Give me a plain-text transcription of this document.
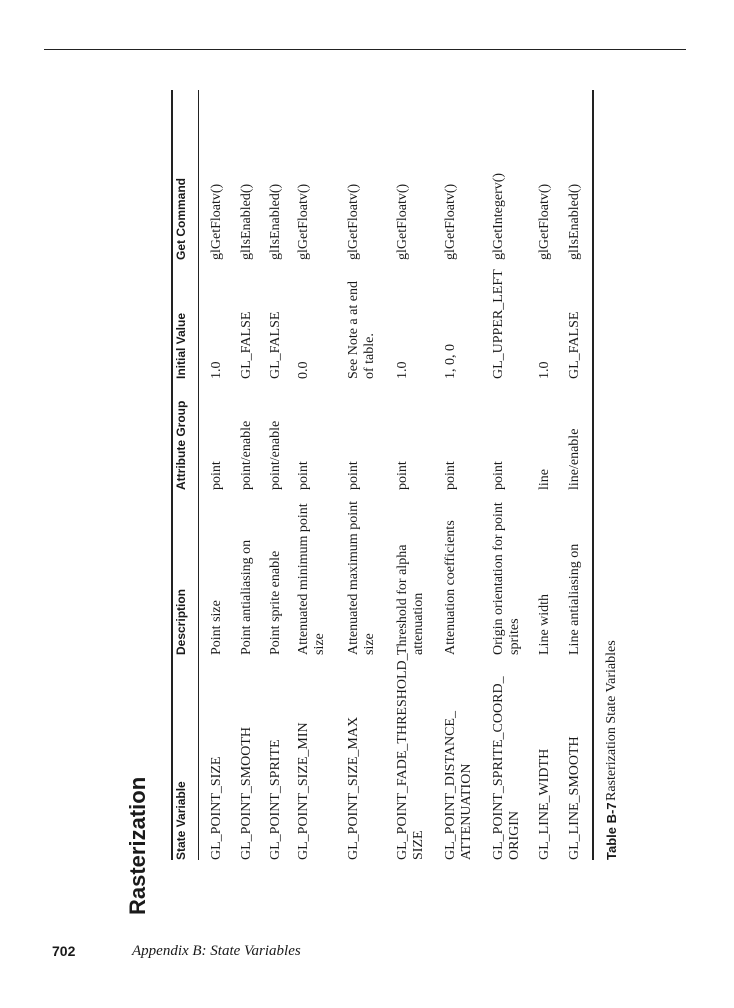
Rasterization State Variable
Description
Attribute Group
Initial Value
Get Command
GL_POINT_SIZE
Point size
point
1.0
glGetFloatv()
GL_POINT_SMOOTH
Point antialiasing on
point/enable
GL_FALSE
glIsEnabled()
GL_POINT_SPRITE
Point sprite enable
point/enable
GL_FALSE
glIsEnabled()
GL_POINT_SIZE_MIN
Attenuated minimum point size
point
0.0
glGetFloatv()
GL_POINT_SIZE_MAX
Attenuated maximum point size
point
See Note a at end of table.
glGetFloatv()
GL_POINT_FADE_THRESHOLD_ SIZE
Threshold for alpha attenuation
point
1.0
glGetFloatv()
GL_POINT_DISTANCE_ ATTENUATION
Attenuation coefficients
point
1, 0, 0
glGetFloatv()
GL_POINT_SPRITE_COORD_ ORIGIN
Origin orientation for point sprites
point
GL_UPPER_LEFT
glGetIntegerv()
GL_LINE_WIDTH
Line width
line
1.0
glGetFloatv()
GL_LINE_SMOOTH
Line antialiasing on
line/enable
GL_FALSE
glIsEnabled()
Table B-7
Rasterization State Variables
702	Appendix B: State Variables
